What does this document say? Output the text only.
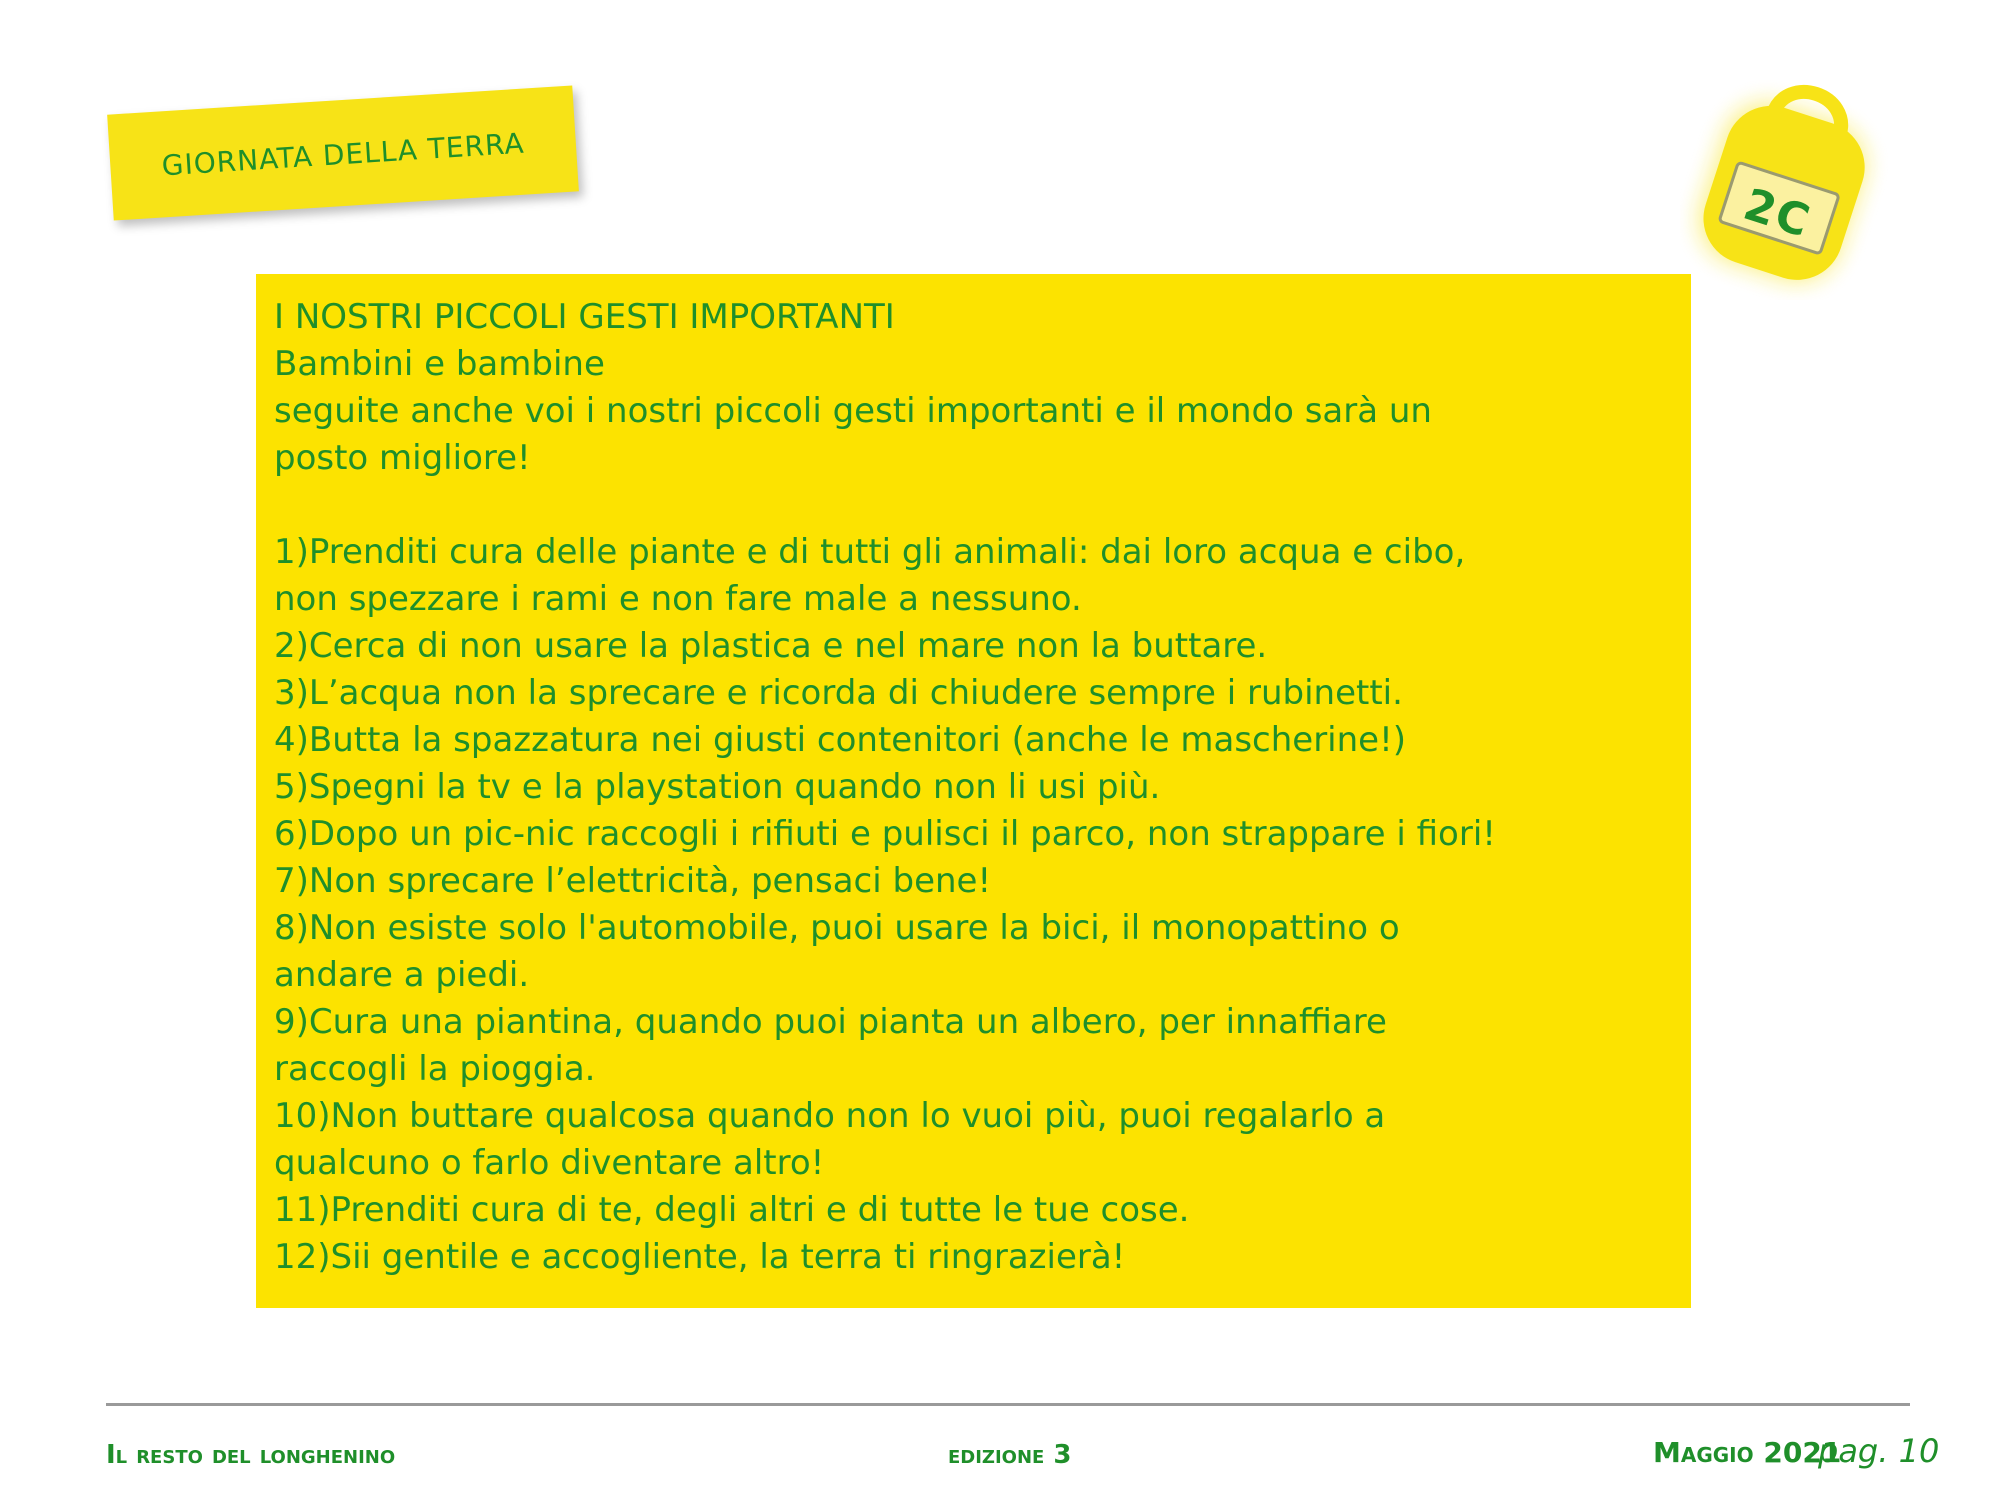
GIORNATA DELLA TERRA
2C
I NOSTRI PICCOLI GESTI IMPORTANTI
Bambini e bambine
seguite anche voi i nostri piccoli gesti importanti e il mondo sarà un
posto migliore!
1)Prenditi cura delle piante e di tutti gli animali: dai loro acqua e cibo,
non spezzare i rami e non fare male a nessuno.
2)Cerca di non usare la plastica e nel mare non la buttare.
3)L’acqua non la sprecare e ricorda di chiudere sempre i rubinetti.
4)Butta la spazzatura nei giusti contenitori (anche le mascherine!)
5)Spegni la tv e la playstation quando non li usi più.
6)Dopo un pic-nic raccogli i rifiuti e pulisci il parco, non strappare i fiori!
7)Non sprecare l’elettricità, pensaci bene!
8)Non esiste solo l'automobile, puoi usare la bici, il monopattino o
andare a piedi.
9)Cura una piantina, quando puoi pianta un albero, per innaffiare
raccogli la pioggia.
10)Non buttare qualcosa quando non lo vuoi più, puoi regalarlo a
qualcuno o farlo diventare altro!
11)Prenditi cura di te, degli altri e di tutte le tue cose.
12)Sii gentile e accogliente, la terra ti ringrazierà!
Il resto del longhenino	edizione 3	Maggio 2021
pag. 10
